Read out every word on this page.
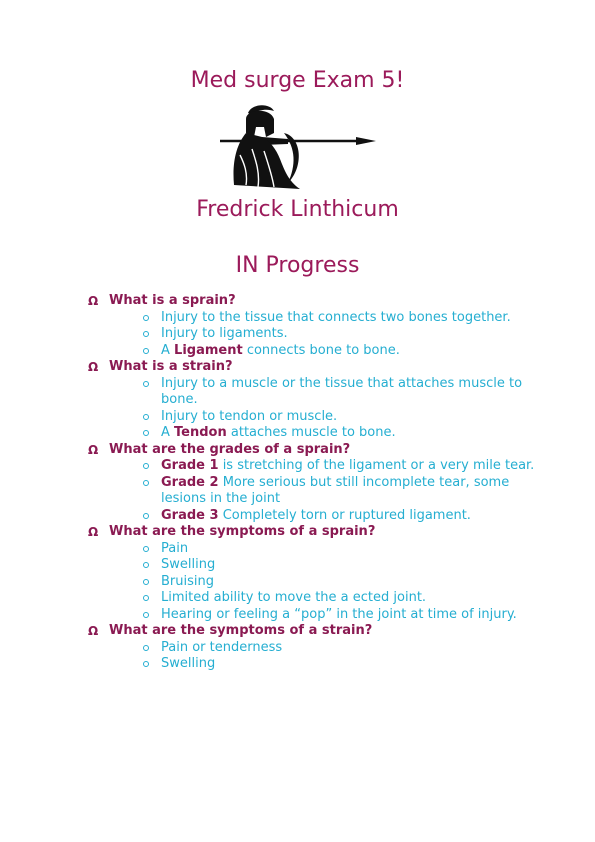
Med surge Exam 5!
Fredrick Linthicum
IN Progress
Ω What is a sprain?
Injury to the tissue that connects two bones together.
Injury to ligaments.
A Ligament connects bone to bone.
Ω What is a strain?
Injury to a muscle or the tissue that attaches muscle to bone.
Injury to tendon or muscle.
A Tendon attaches muscle to bone.
Ω What are the grades of a sprain?
Grade 1 is stretching of the ligament or a very mile tear.
Grade 2 More serious but still incomplete tear, some lesions in the joint
Grade 3 Completely torn or ruptured ligament.
Ω What are the symptoms of a sprain?
Pain
Swelling
Bruising
Limited ability to move the a ected joint.
Hearing or feeling a “pop” in the joint at time of injury.
Ω What are the symptoms of a strain?
Pain or tenderness
Swelling
